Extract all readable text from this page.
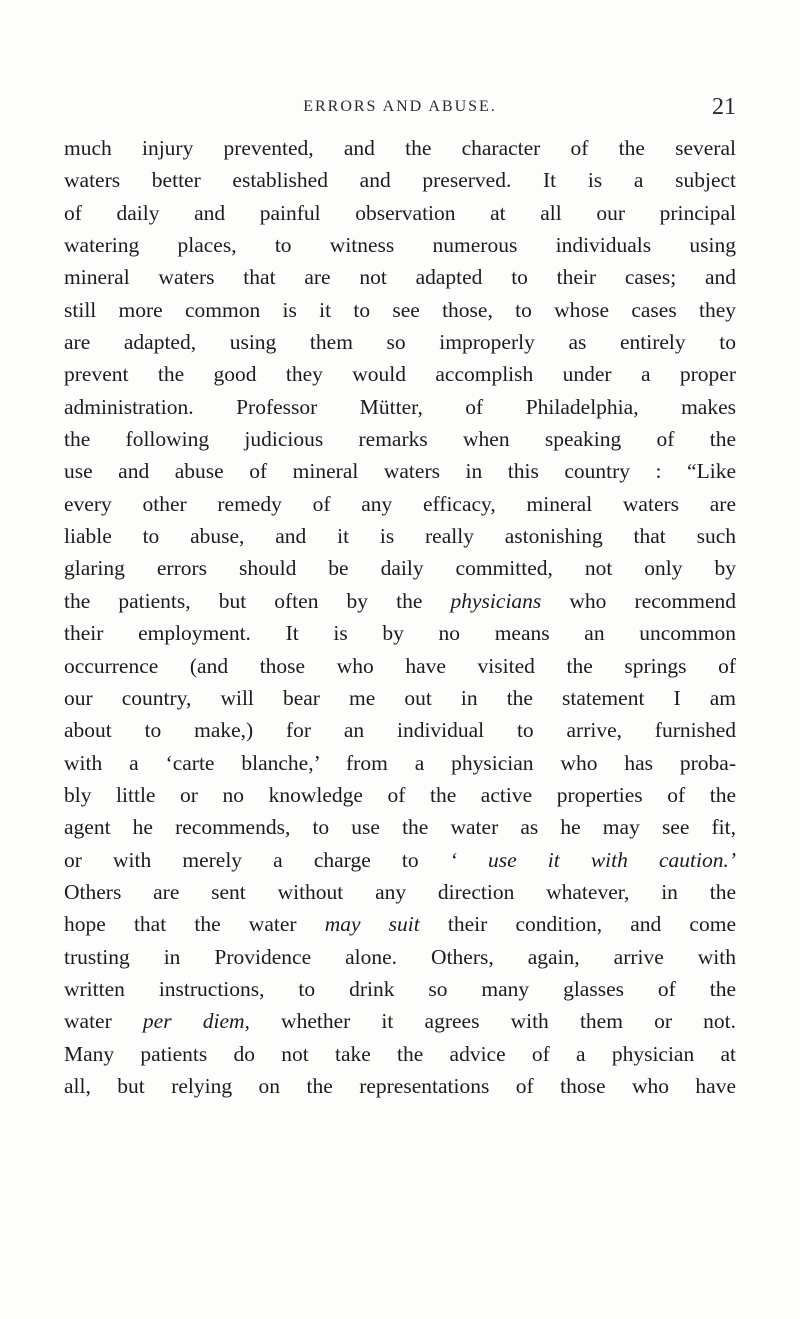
ERRORS AND ABUSE.	21
much injury prevented, and the character of the several
waters better established and preserved. It is a subject
of daily and painful observation at all our principal
watering places, to witness numerous individuals using
mineral waters that are not adapted to their cases; and
still more common is it to see those, to whose cases they
are adapted, using them so improperly as entirely to
prevent the good they would accomplish under a proper
administration. Professor Mütter, of Philadelphia, makes
the following judicious remarks when speaking of the
use and abuse of mineral waters in this country : “Like
every other remedy of any efficacy, mineral waters are
liable to abuse, and it is really astonishing that such
glaring errors should be daily committed, not only by
the patients, but often by the physicians who recommend
their employment. It is by no means an uncommon
occurrence (and those who have visited the springs of
our country, will bear me out in the statement I am
about to make,) for an individual to arrive, furnished
with a ‘carte blanche,’ from a physician who has proba-
bly little or no knowledge of the active properties of the
agent he recommends, to use the water as he may see fit,
or with merely a charge to ‘ use it with caution.’
Others are sent without any direction whatever, in the
hope that the water may suit their condition, and come
trusting in Providence alone. Others, again, arrive with
written instructions, to drink so many glasses of the
water per diem, whether it agrees with them or not.
Many patients do not take the advice of a physician at
all, but relying on the representations of those who have
